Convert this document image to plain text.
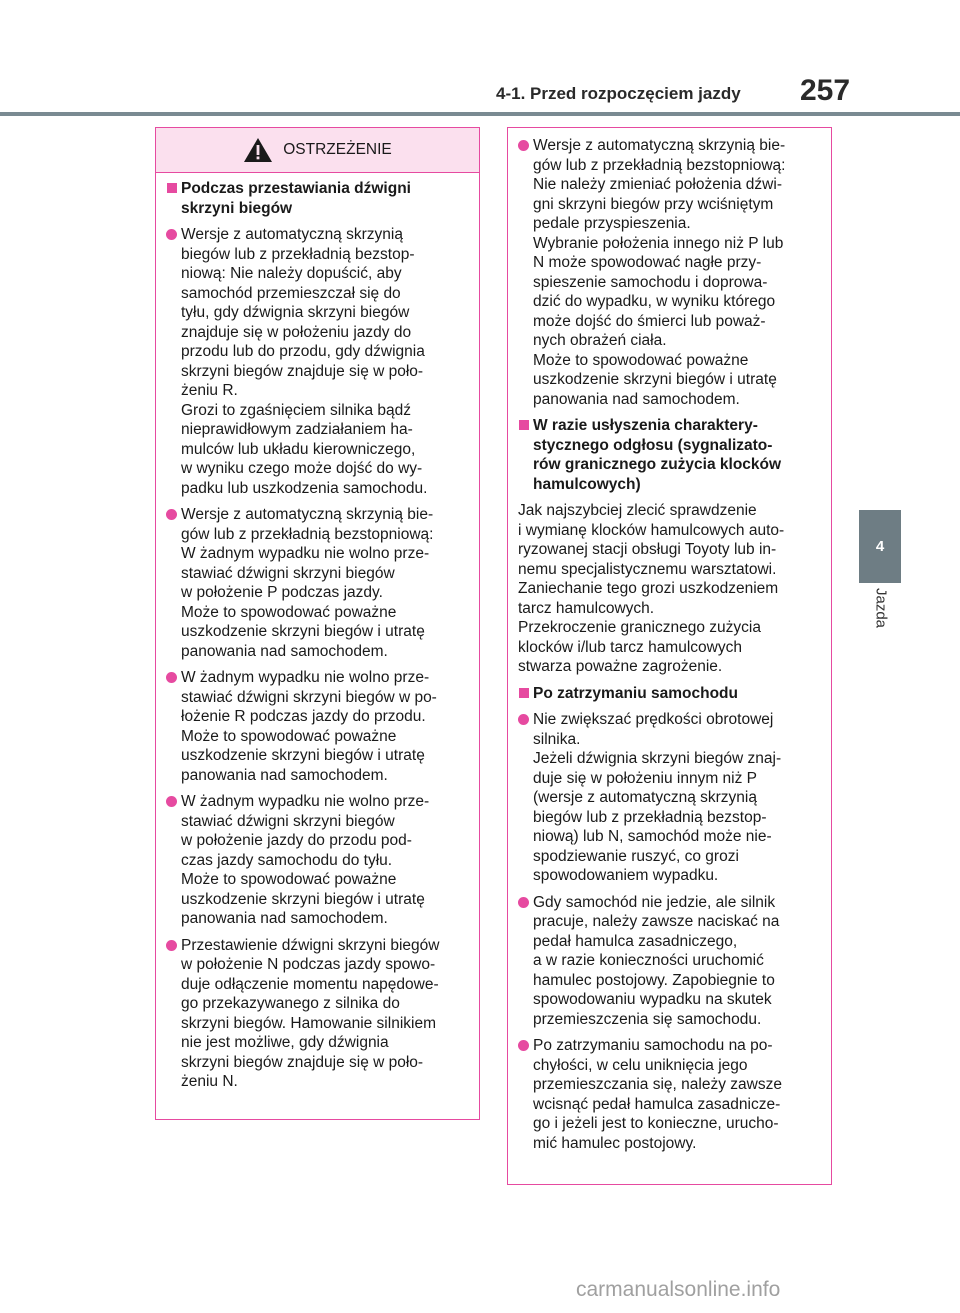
4-1. Przed rozpoczęciem jazdy	257
4
Jazda
OSTRZEŻENIE
Podczas przestawiania dźwigni
skrzyni biegów
Wersje z automatyczną skrzynią
biegów lub z przekładnią bezstop-
niową: Nie należy dopuścić, aby
samochód przemieszczał się do
tyłu, gdy dźwignia skrzyni biegów
znajduje się w położeniu jazdy do
przodu lub do przodu, gdy dźwignia
skrzyni biegów znajduje się w poło-
żeniu R.
Grozi to zgaśnięciem silnika bądź
nieprawidłowym zadziałaniem ha-
mulców lub układu kierowniczego,
w wyniku czego może dojść do wy-
padku lub uszkodzenia samochodu.
Wersje z automatyczną skrzynią bie-
gów lub z przekładnią bezstopniową:
W żadnym wypadku nie wolno prze-
stawiać dźwigni skrzyni biegów
w położenie P podczas jazdy.
Może to spowodować poważne
uszkodzenie skrzyni biegów i utratę
panowania nad samochodem.
W żadnym wypadku nie wolno prze-
stawiać dźwigni skrzyni biegów w po-
łożenie R podczas jazdy do przodu.
Może to spowodować poważne
uszkodzenie skrzyni biegów i utratę
panowania nad samochodem.
W żadnym wypadku nie wolno prze-
stawiać dźwigni skrzyni biegów
w położenie jazdy do przodu pod-
czas jazdy samochodu do tyłu.
Może to spowodować poważne
uszkodzenie skrzyni biegów i utratę
panowania nad samochodem.
Przestawienie dźwigni skrzyni biegów
w położenie N podczas jazdy spowo-
duje odłączenie momentu napędowe-
go przekazywanego z silnika do
skrzyni biegów. Hamowanie silnikiem
nie jest możliwe, gdy dźwignia
skrzyni biegów znajduje się w poło-
żeniu N.
Wersje z automatyczną skrzynią bie-
gów lub z przekładnią bezstopniową:
Nie należy zmieniać położenia dźwi-
gni skrzyni biegów przy wciśniętym
pedale przyspieszenia.
Wybranie położenia innego niż P lub
N może spowodować nagłe przy-
spieszenie samochodu i doprowa-
dzić do wypadku, w wyniku którego
może dojść do śmierci lub poważ-
nych obrażeń ciała.
Może to spowodować poważne
uszkodzenie skrzyni biegów i utratę
panowania nad samochodem.
W razie usłyszenia charaktery-
stycznego odgłosu (sygnalizato-
rów granicznego zużycia klocków
hamulcowych)
Jak najszybciej zlecić sprawdzenie
i wymianę klocków hamulcowych auto-
ryzowanej stacji obsługi Toyoty lub in-
nemu specjalistycznemu warsztatowi.
Zaniechanie tego grozi uszkodzeniem
tarcz hamulcowych.
Przekroczenie granicznego zużycia
klocków i/lub tarcz hamulcowych
stwarza poważne zagrożenie.
Po zatrzymaniu samochodu
Nie zwiększać prędkości obrotowej
silnika.
Jeżeli dźwignia skrzyni biegów znaj-
duje się w położeniu innym niż P
(wersje z automatyczną skrzynią
biegów lub z przekładnią bezstop-
niową) lub N, samochód może nie-
spodziewanie ruszyć, co grozi
spowodowaniem wypadku.
Gdy samochód nie jedzie, ale silnik
pracuje, należy zawsze naciskać na
pedał hamulca zasadniczego,
a w razie konieczności uruchomić
hamulec postojowy. Zapobiegnie to
spowodowaniu wypadku na skutek
przemieszczenia się samochodu.
Po zatrzymaniu samochodu na po-
chyłości, w celu uniknięcia jego
przemieszczania się, należy zawsze
wcisnąć pedał hamulca zasadnicze-
go i jeżeli jest to konieczne, urucho-
mić hamulec postojowy.
carmanualsonline.info
